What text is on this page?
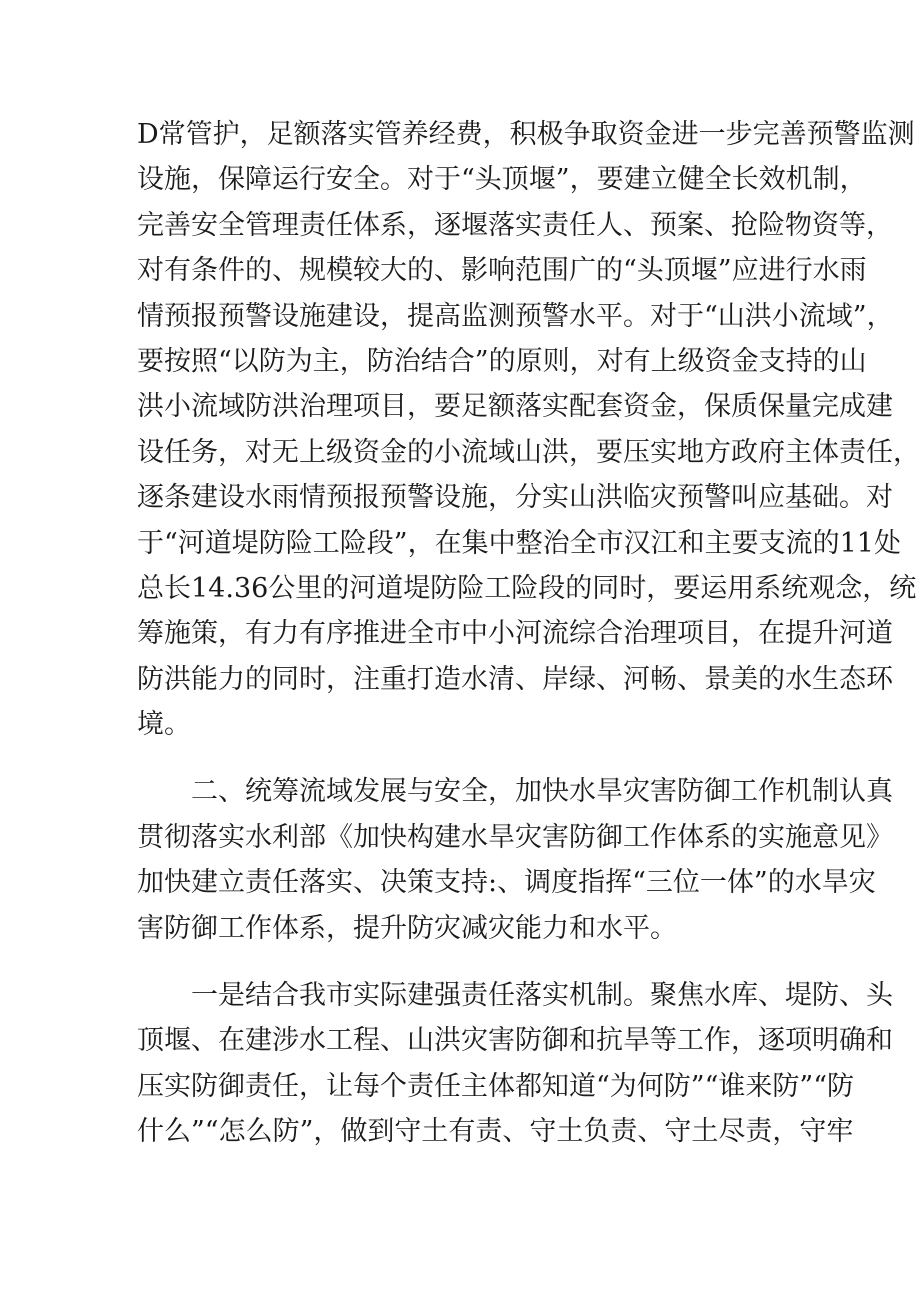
D常管护，足额落实管养经费，积极争取资金进一步完善预警监测
设施，保障运行安全。对于“头顶堰”，要建立健全长效机制，
完善安全管理责任体系，逐堰落实责任人、预案、抢险物资等，
对有条件的、规模较大的、影响范围广的“头顶堰”应进行水雨
情预报预警设施建设，提高监测预警水平。对于“山洪小流域”，
要按照“以防为主，防治结合”的原则，对有上级资金支持的山
洪小流域防洪治理项目，要足额落实配套资金，保质保量完成建
设任务，对无上级资金的小流域山洪，要压实地方政府主体责任，
逐条建设水雨情预报预警设施，分实山洪临灾预警叫应基础。对
于“河道堤防险工险段”，在集中整治全市汉江和主要支流的11处
总长14.36公里的河道堤防险工险段的同时，要运用系统观念，统
筹施策，有力有序推进全市中小河流综合治理项目，在提升河道
防洪能力的同时，注重打造水清、岸绿、河畅、景美的水生态环
境。
　　二、统筹流域发展与安全，加快水旱灾害防御工作机制认真
贯彻落实水利部《加快构建水旱灾害防御工作体系的实施意见》
加快建立责任落实、决策支持:、调度指挥“三位一体”的水旱灾
害防御工作体系，提升防灾减灾能力和水平。
　　一是结合我市实际建强责任落实机制。聚焦水库、堤防、头
顶堰、在建涉水工程、山洪灾害防御和抗旱等工作，逐项明确和
压实防御责任，让每个责任主体都知道“为何防”“谁来防”“防
什么”“怎么防”，做到守土有责、守土负责、守土尽责，守牢
